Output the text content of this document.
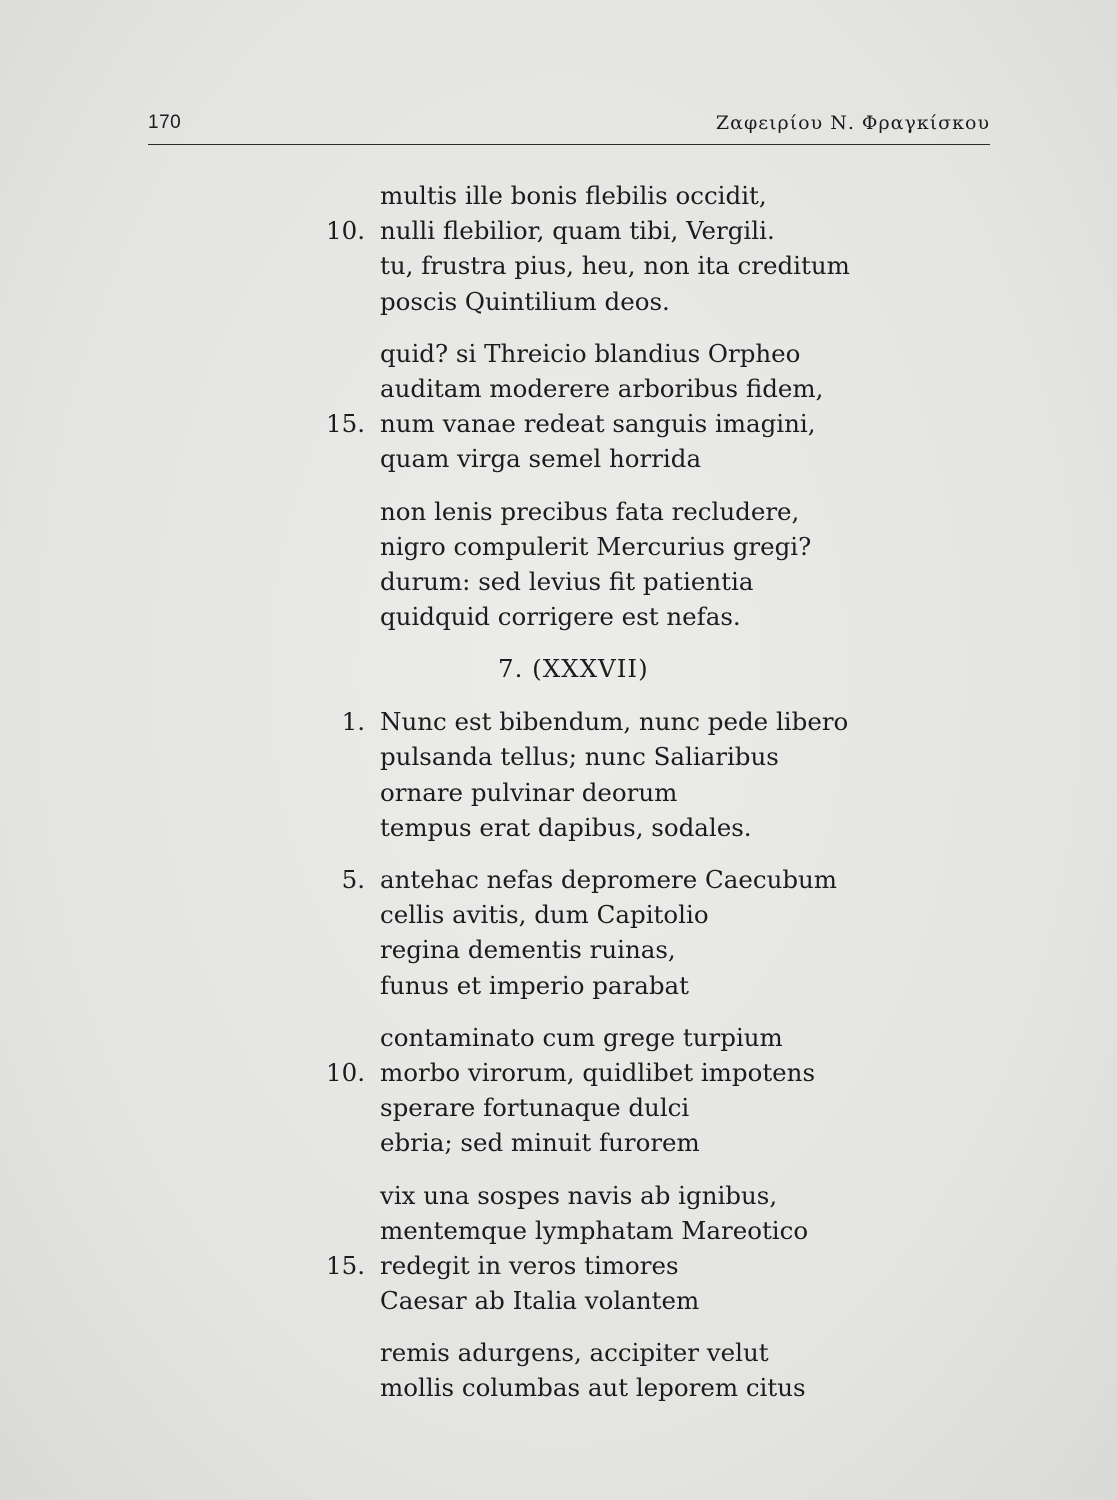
170	Ζαφειρίου Ν. Φραγκίσκου
multis ille bonis flebilis occidit,
10. nulli flebilior, quam tibi, Vergili.
tu, frustra pius, heu, non ita creditum
poscis Quintilium deos.
quid? si Threicio blandius Orpheo
auditam moderere arboribus fidem,
15. num vanae redeat sanguis imagini,
quam virga semel horrida
non lenis precibus fata recludere,
nigro compulerit Mercurius gregi?
durum: sed levius fit patientia
quidquid corrigere est nefas.
7. (XXXVII)
1. Nunc est bibendum, nunc pede libero
pulsanda tellus; nunc Saliaribus
ornare pulvinar deorum
tempus erat dapibus, sodales.
5. antehac nefas depromere Caecubum
cellis avitis, dum Capitolio
regina dementis ruinas,
funus et imperio parabat
contaminato cum grege turpium
10. morbo virorum, quidlibet impotens
sperare fortunaque dulci
ebria; sed minuit furorem
vix una sospes navis ab ignibus,
mentemque lymphatam Mareotico
15. redegit in veros timores
Caesar ab Italia volantem
remis adurgens, accipiter velut
mollis columbas aut leporem citus
